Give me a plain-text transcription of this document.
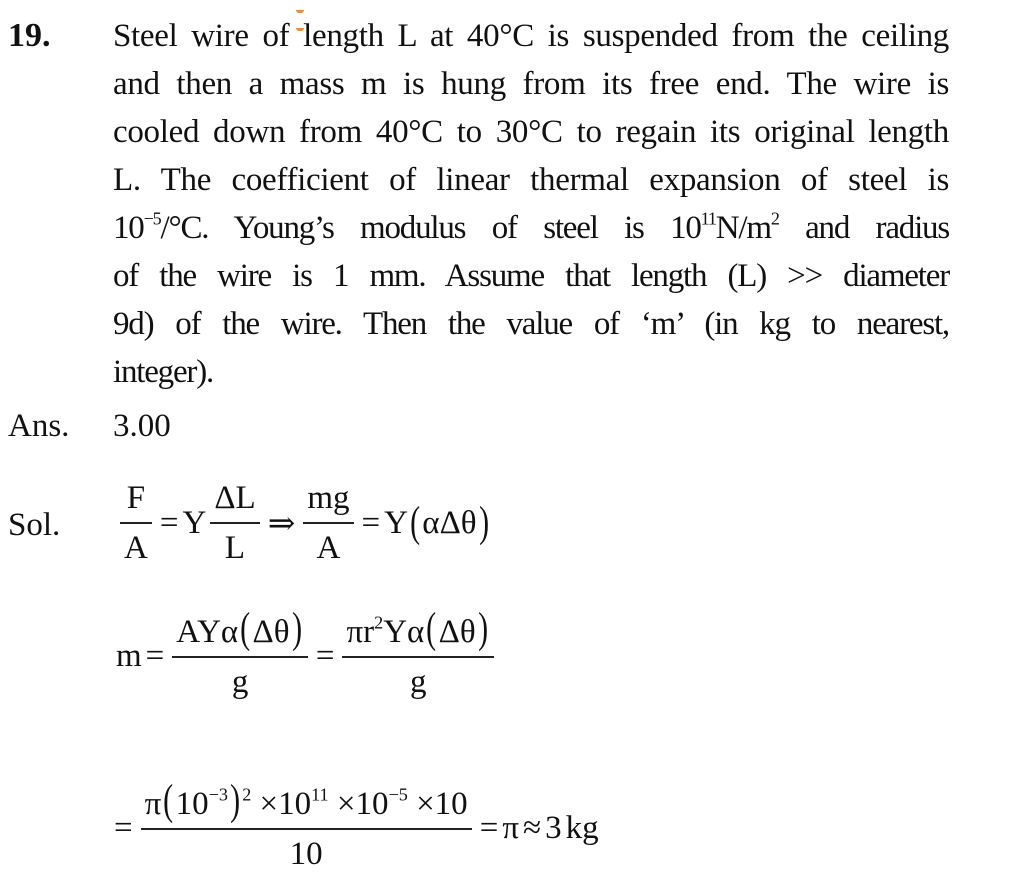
19. Steel wire of length L at 40°C is suspended from the ceiling
and then a mass m is hung from its free end. The wire is
cooled down from 40°C to 30°C to regain its original length
L. The coefficient of linear thermal expansion of steel is
$10^{-5}/^\circ C$. Young’s modulus of steel is $10^{11}N/m^2$ and radius
of the wire is 1 mm. Assume that length (L) >> diameter
9d) of the wire. Then the value of ‘m’ (in kg to nearest,
integer).
Ans. 3.00
Sol. $\frac{F}{A} = Y \frac{\Delta L}{L}$ ⇒ $\frac{mg}{A} = Y$ ( αΔθ )
$m = \frac{\text{AYα(Δθ)}}{g} = \frac{\pi r^2Y\alpha(\Delta\theta)}{g}$
= $\frac{\pi(10^{-3}) ^2 \times 10^{11} \times 10^{-5} \times 10}{10} = \pi \approx 3$ kg
